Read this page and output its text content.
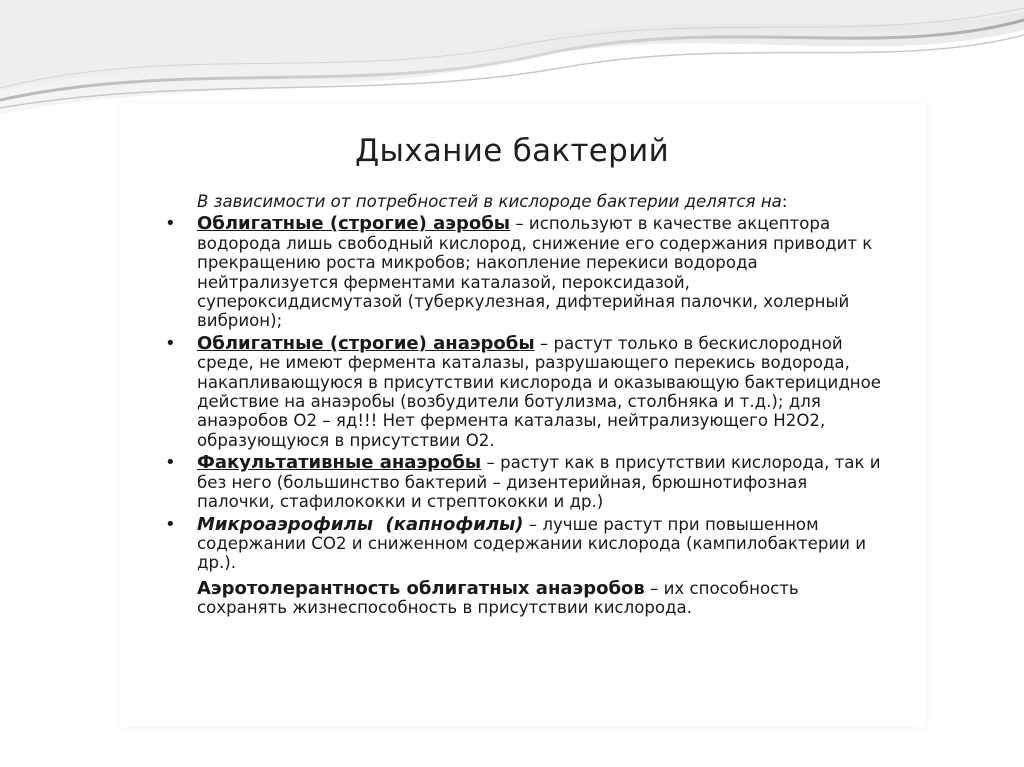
Дыхание бактерий

В зависимости от потребностей в кислороде бактерии делятся на:

• Облигатные (строгие) аэробы – используют в качестве акцептора водорода лишь свободный кислород, снижение его содержания приводит к прекращению роста микробов; накопление перекиси водорода нейтрализуется ферментами каталазой, пероксидазой, супероксиддисмутазой (туберкулезная, дифтерийная палочки, холерный вибрион);
• Облигатные (строгие) анаэробы – растут только в бескислородной среде, не имеют фермента каталазы, разрушающего перекись водорода, накапливающуюся в присутствии кислорода и оказывающую бактерицидное действие на анаэробы (возбудители ботулизма, столбняка и т.д.); для анаэробов О2 – яд!!! Нет фермента каталазы, нейтрализующего Н2О2, образующуюся в присутствии О2.
• Факультативные анаэробы – растут как в присутствии кислорода, так и без него (большинство бактерий – дизентерийная, брюшнотифозная палочки, стафилококки и стрептококки и др.)
• Микроаэрофилы  (капнофилы) – лучше растут при повышенном содержании СО2 и сниженном содержании кислорода (кампилобактерии и др.).

Аэротолерантность облигатных анаэробов – их способность сохранять жизнеспособность в присутствии кислорода.
